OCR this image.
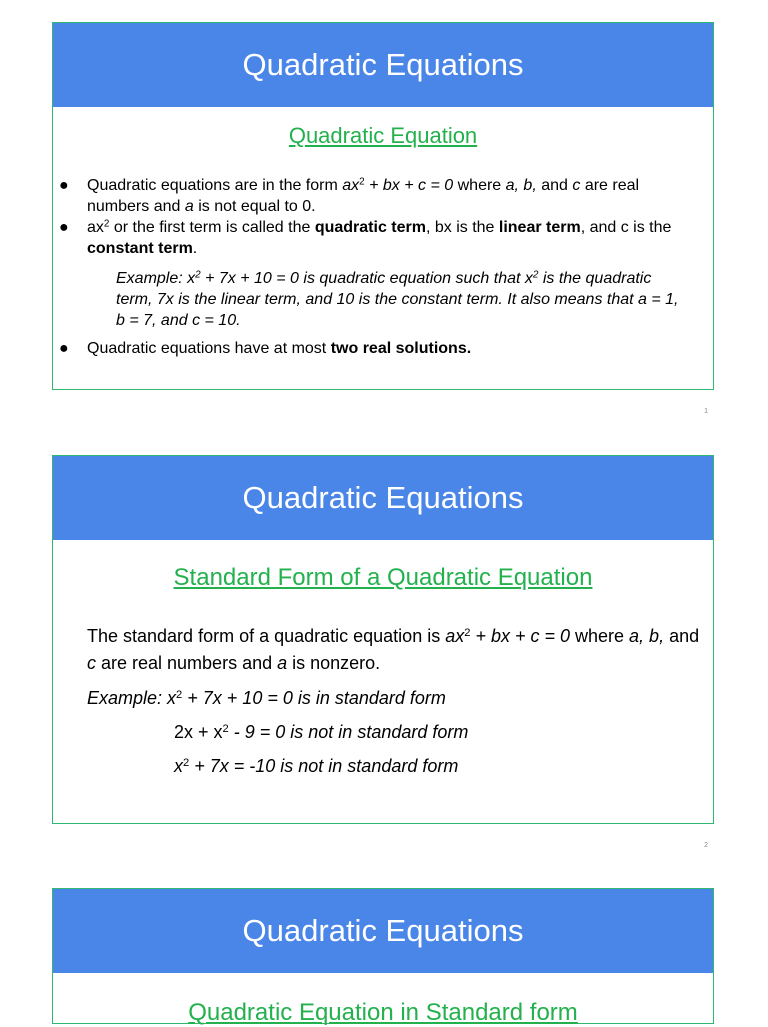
Quadratic Equations
Quadratic Equation
● Quadratic equations are in the form $ax^2$ + bx + c = 0 where a, b, and c are real numbers and a is not equal to 0.
● $ax^2$ or the first term is called the quadratic term, bx is the linear term, and c is the constant term.
Example: $x^2 + 7x + 10 = 0$ is quadratic equation such that $x^2$ is the quadratic term, 7x is the linear term, and 10 is the constant term. It also means that a = 1, b = 7, and c = 10.
● Quadratic equations have at most two real solutions.
1
Quadratic Equations
Standard Form of a Quadratic Equation
The standard form of a quadratic equation is $ax^2$ + bx + c = 0 where a, b, and c are real numbers and a is nonzero.
Example: $x^2 + 7x + 10 = 0$ is in standard form
$2x + x^2 - 9 = 0$ is not in standard form
$x^2 + 7x = -10$ is not in standard form
2
Quadratic Equations
Quadratic Equation in Standard form
